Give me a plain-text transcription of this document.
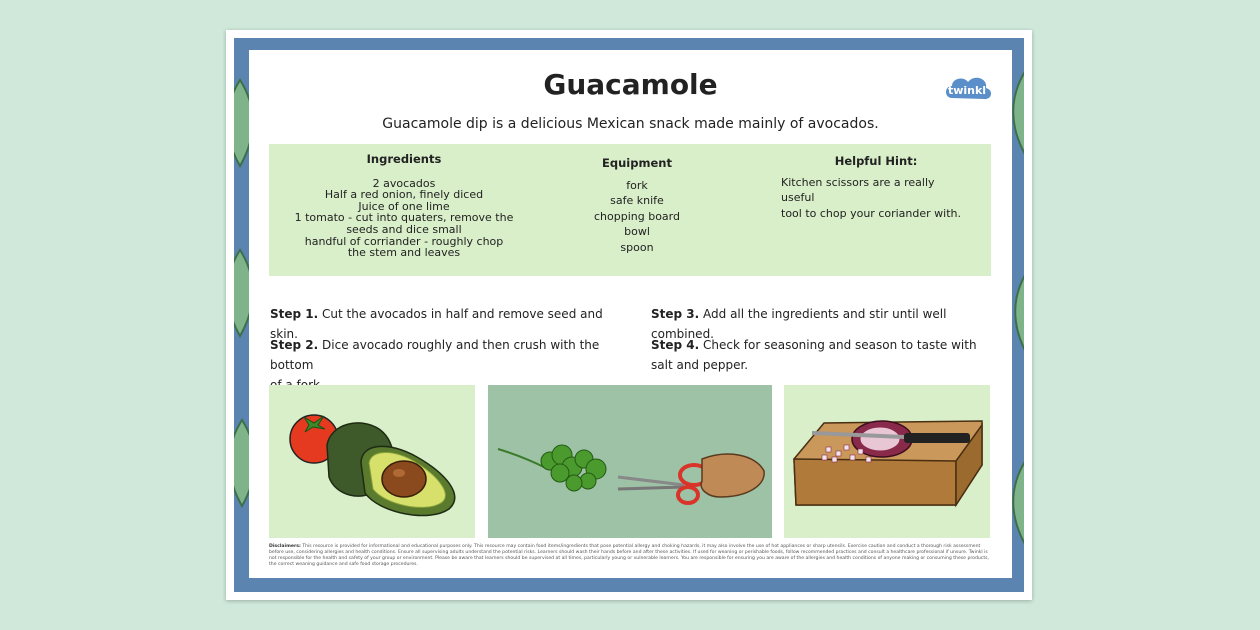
Guacamole	twinkl
Guacamole dip is a delicious Mexican snack made mainly of avocados.
Ingredients
2 avocados
Half a red onion, finely diced
Juice of one lime
1 tomato - cut into quaters, remove the
seeds and dice small
handful of corriander - roughly chop
the stem and leaves
Equipment
fork
safe knife
chopping board
bowl
spoon
Helpful Hint:
Kitchen scissors are a really useful
tool to chop your coriander with.
Step 1. Cut the avocados in half and remove seed and skin.
Step 2. Dice avocado roughly and then crush with the bottom

Step 3. Add all the ingredients and stir until well combined.
Step 4. Check for seasoning and season to taste with
salt and pepper.
Disclaimers: This resource is provided for informational and educational purposes only. This resource may contain food items/ingredients that pose potential allergy and choking hazards, it may also involve the use of hot appliances or sharp utensils. Exercise caution and conduct a thorough risk assessment before use, considering allergies and health conditions. Ensure all supervising adults understand the potential risks. Learners should wash their hands before and after these activities. If used for weaning or perishable foods, follow recommended practices and consult a healthcare professional if unsure. Twinkl is not responsible for the health and safety of your group or environment. Please be aware that learners should be supervised at all times, particularly young or vulnerable learners. You are responsible for ensuring you are aware of the allergies and health conditions of anyone making or consuming these products, the correct weaning guidance and safe food storage procedures.
